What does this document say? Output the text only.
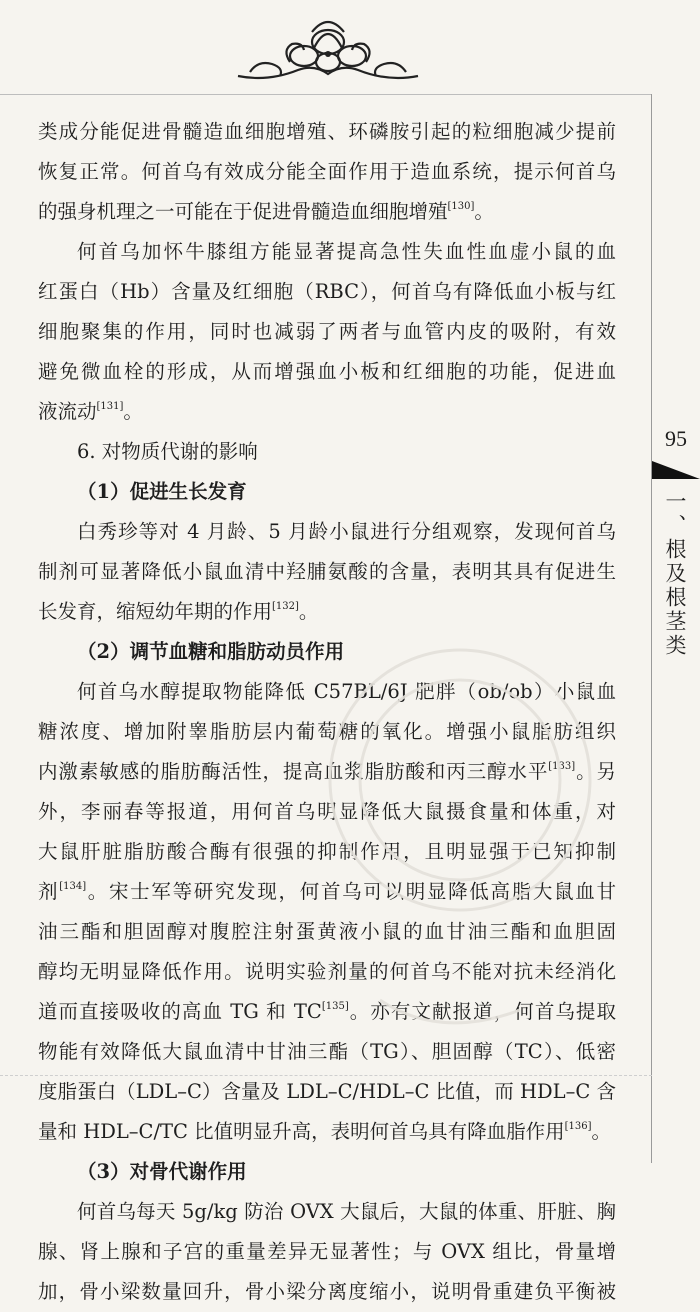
95
一、根及根茎类

类成分能促进骨髓造血细胞增殖、环磷胺引起的粒细胞减少提前

恢复正常。何首乌有效成分能全面作用于造血系统，提示何首乌

的强身机理之一可能在于促进骨髓造血细胞增殖[130]。

何首乌加怀牛膝组方能显著提高急性失血性血虚小鼠的血

红蛋白（Hb）含量及红细胞（RBC），何首乌有降低血小板与红

细胞聚集的作用，同时也减弱了两者与血管内皮的吸附，有效

避免微血栓的形成，从而增强血小板和红细胞的功能，促进血

液流动[131]。

6. 对物质代谢的影响

（1）促进生长发育

白秀珍等对 4 月龄、5 月龄小鼠进行分组观察，发现何首乌

制剂可显著降低小鼠血清中羟脯氨酸的含量，表明其具有促进生

长发育，缩短幼年期的作用[132]。

（2）调节血糖和脂肪动员作用

何首乌水醇提取物能降低 C57BL/6J 肥胖（ob/ob）小鼠血

糖浓度、增加附睾脂肪层内葡萄糖的氧化。增强小鼠脂肪组织

内激素敏感的脂肪酶活性，提高血浆脂肪酸和丙三醇水平[133]。另

外，李丽春等报道，用何首乌明显降低大鼠摄食量和体重，对

大鼠肝脏脂肪酸合酶有很强的抑制作用，且明显强于已知抑制

剂[134]。宋士军等研究发现，何首乌可以明显降低高脂大鼠血甘

油三酯和胆固醇对腹腔注射蛋黄液小鼠的血甘油三酯和血胆固

醇均无明显降低作用。说明实验剂量的何首乌不能对抗未经消化

道而直接吸收的高血 TG 和 TC[135]。亦有文献报道，何首乌提取

物能有效降低大鼠血清中甘油三酯（TG）、胆固醇（TC）、低密

度脂蛋白（LDL–C）含量及 LDL–C/HDL–C 比值，而 HDL–C 含

量和 HDL–C/TC 比值明显升高，表明何首乌具有降血脂作用[136]。

（3）对骨代谢作用

何首乌每天 5g/kg 防治 OVX 大鼠后，大鼠的体重、肝脏、胸

腺、肾上腺和子宫的重量差异无显著性；与 OVX 组比，骨量增

加，骨小梁数量回升，骨小梁分离度缩小，说明骨重建负平衡被
